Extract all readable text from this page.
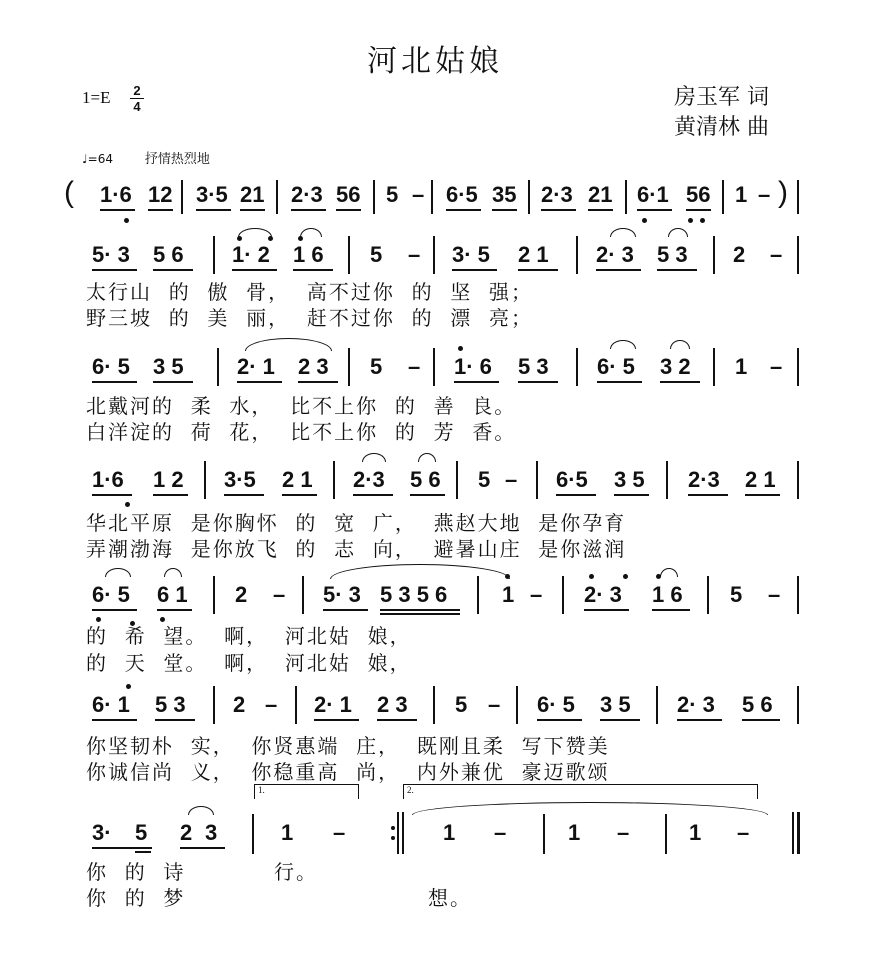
河北姑娘
1=E 2
4	房玉军 词
黄清林 曲
♩=64 抒情热烈地
( 1·6 12 3·5 21 2·3 56 5 – 6·5 35 2·3 21 6·1 56 1 – )
5· 3 5 6 1· 2 1 6 5 – 3· 5 2 1 2· 3 5 3 2 –
太行山  的  傲  骨，  高不过你  的  坚  强；
野三坡  的  美  丽，  赶不过你  的  漂  亮；
6· 5 3 5 2· 1 2 3 5 – 1· 6 5 3 6· 5 3 2 1 –
北戴河的  柔  水，  比不上你  的  善  良。
白洋淀的  荷  花，  比不上你  的  芳  香。
1·6 1 2 3·5 2 1 2·3 5 6 5 – 6·5 3 5 2·3 2 1
华北平原  是你胸怀  的  宽  广，  燕赵大地  是你孕育
弄潮渤海  是你放飞  的  志  向，  避暑山庄  是你滋润
6· 5 6 1 2 – 5· 3 5 3 5 6 1 – 2· 3 1 6 5 –
的  希  望。  啊，  河北姑  娘，
的  天  堂。  啊，  河北姑  娘，
6· 1 5 3 2 – 2· 1 2 3 5 – 6· 5 3 5 2· 3 5 6
你坚韧朴  实，  你贤惠端  庄，  既刚且柔  写下赞美
你诚信尚  义，  你稳重高  尚，  内外兼优  豪迈歌颂
3· 5 2 3	1 –	1 –	1 –	1 –
1.	2.
你  的  诗	行。
你  的  梦	想。
